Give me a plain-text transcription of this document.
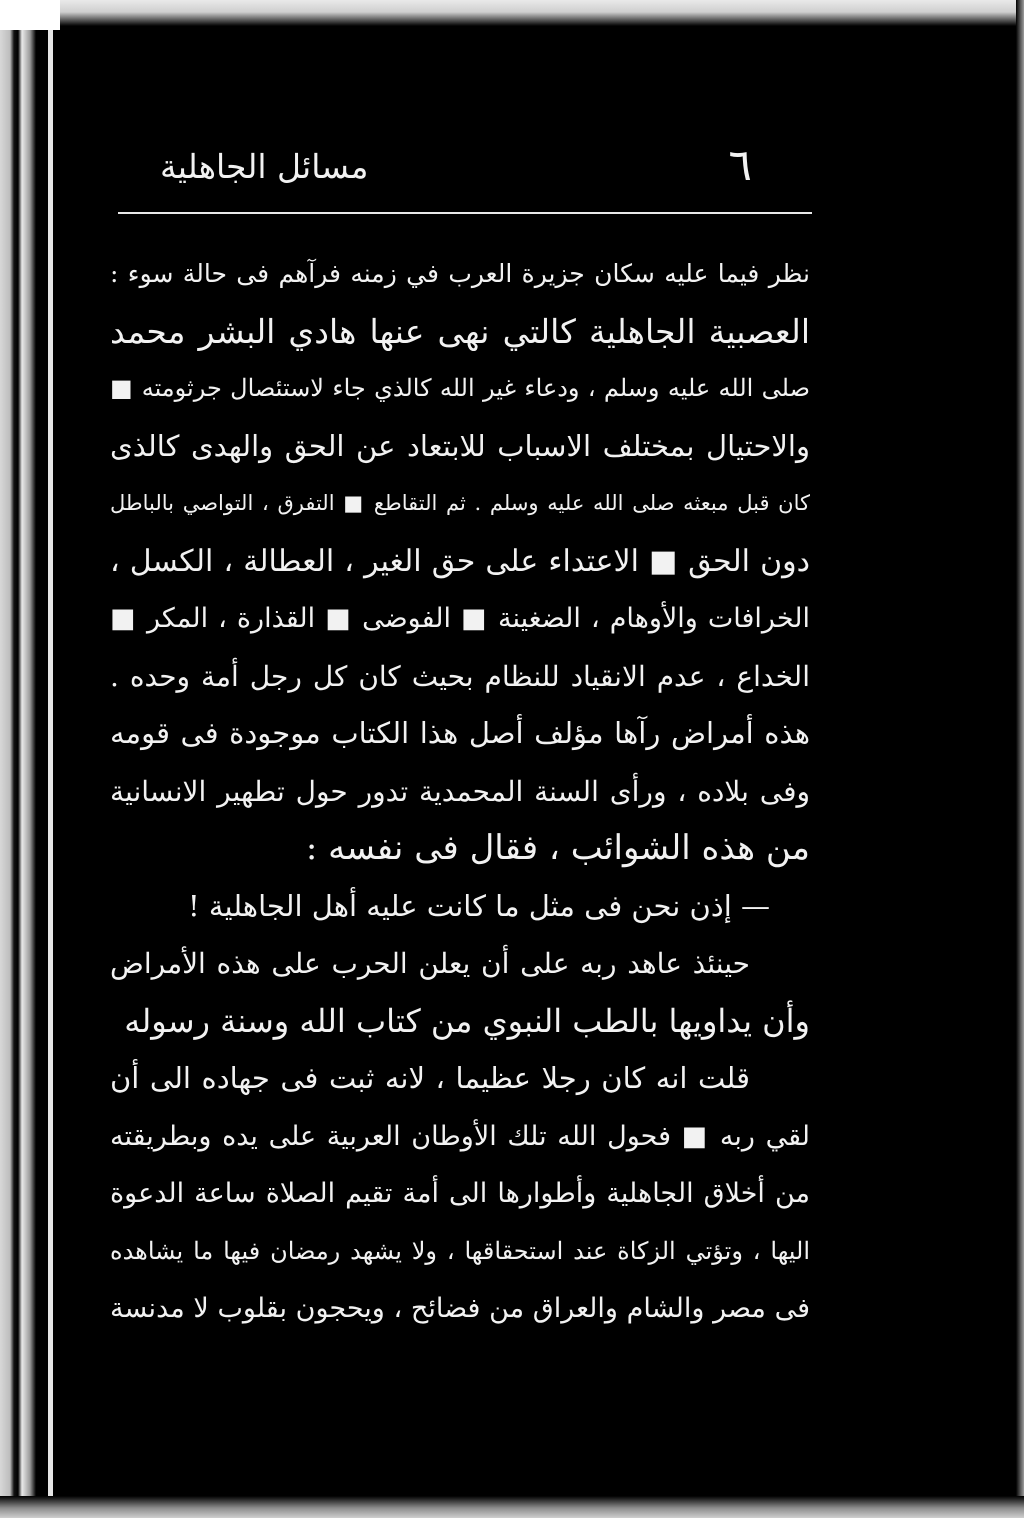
٦
مسائل الجاهلية
نظر فيما عليه سكان جزيرة العرب في زمنه فرآهم فى حالة سوء :
العصبية الجاهلية كالتي نهى عنها هادي البشر محمد
صلى الله عليه وسلم ، ودعاء غير الله كالذي جاء لاستئصال جرثومته ■
والاحتيال بمختلف الاسباب للابتعاد عن الحق والهدى كالذى
كان قبل مبعثه صلى الله عليه وسلم . ثم التقاطع ■ التفرق ، التواصي بالباطل
دون الحق ■ الاعتداء على حق الغير ، العطالة ، الكسل ،
الخرافات والأوهام ، الضغينة ■ الفوضى ■ القذارة ، المكر ■
الخداع ، عدم الانقياد للنظام بحيث كان كل رجل أمة وحده .
هذه أمراض رآها مؤلف أصل هذا الكتاب موجودة فى قومه
وفى بلاده ، ورأى السنة المحمدية تدور حول تطهير الانسانية
من هذه الشوائب ، فقال فى نفسه :
— إذن نحن فى مثل ما كانت عليه أهل الجاهلية !
حينئذ عاهد ربه على أن يعلن الحرب على هذه الأمراض
وأن يداويها بالطب النبوي من كتاب الله وسنة رسوله
قلت انه كان رجلا عظيما ، لانه ثبت فى جهاده الى أن
لقي ربه ■ فحول الله تلك الأوطان العربية على يده وبطريقته
من أخلاق الجاهلية وأطوارها الى أمة تقيم الصلاة ساعة الدعوة
اليها ، وتؤتي الزكاة عند استحقاقها ، ولا يشهد رمضان فيها ما يشاهده
فى مصر والشام والعراق من فضائح ، ويحجون بقلوب لا مدنسة
